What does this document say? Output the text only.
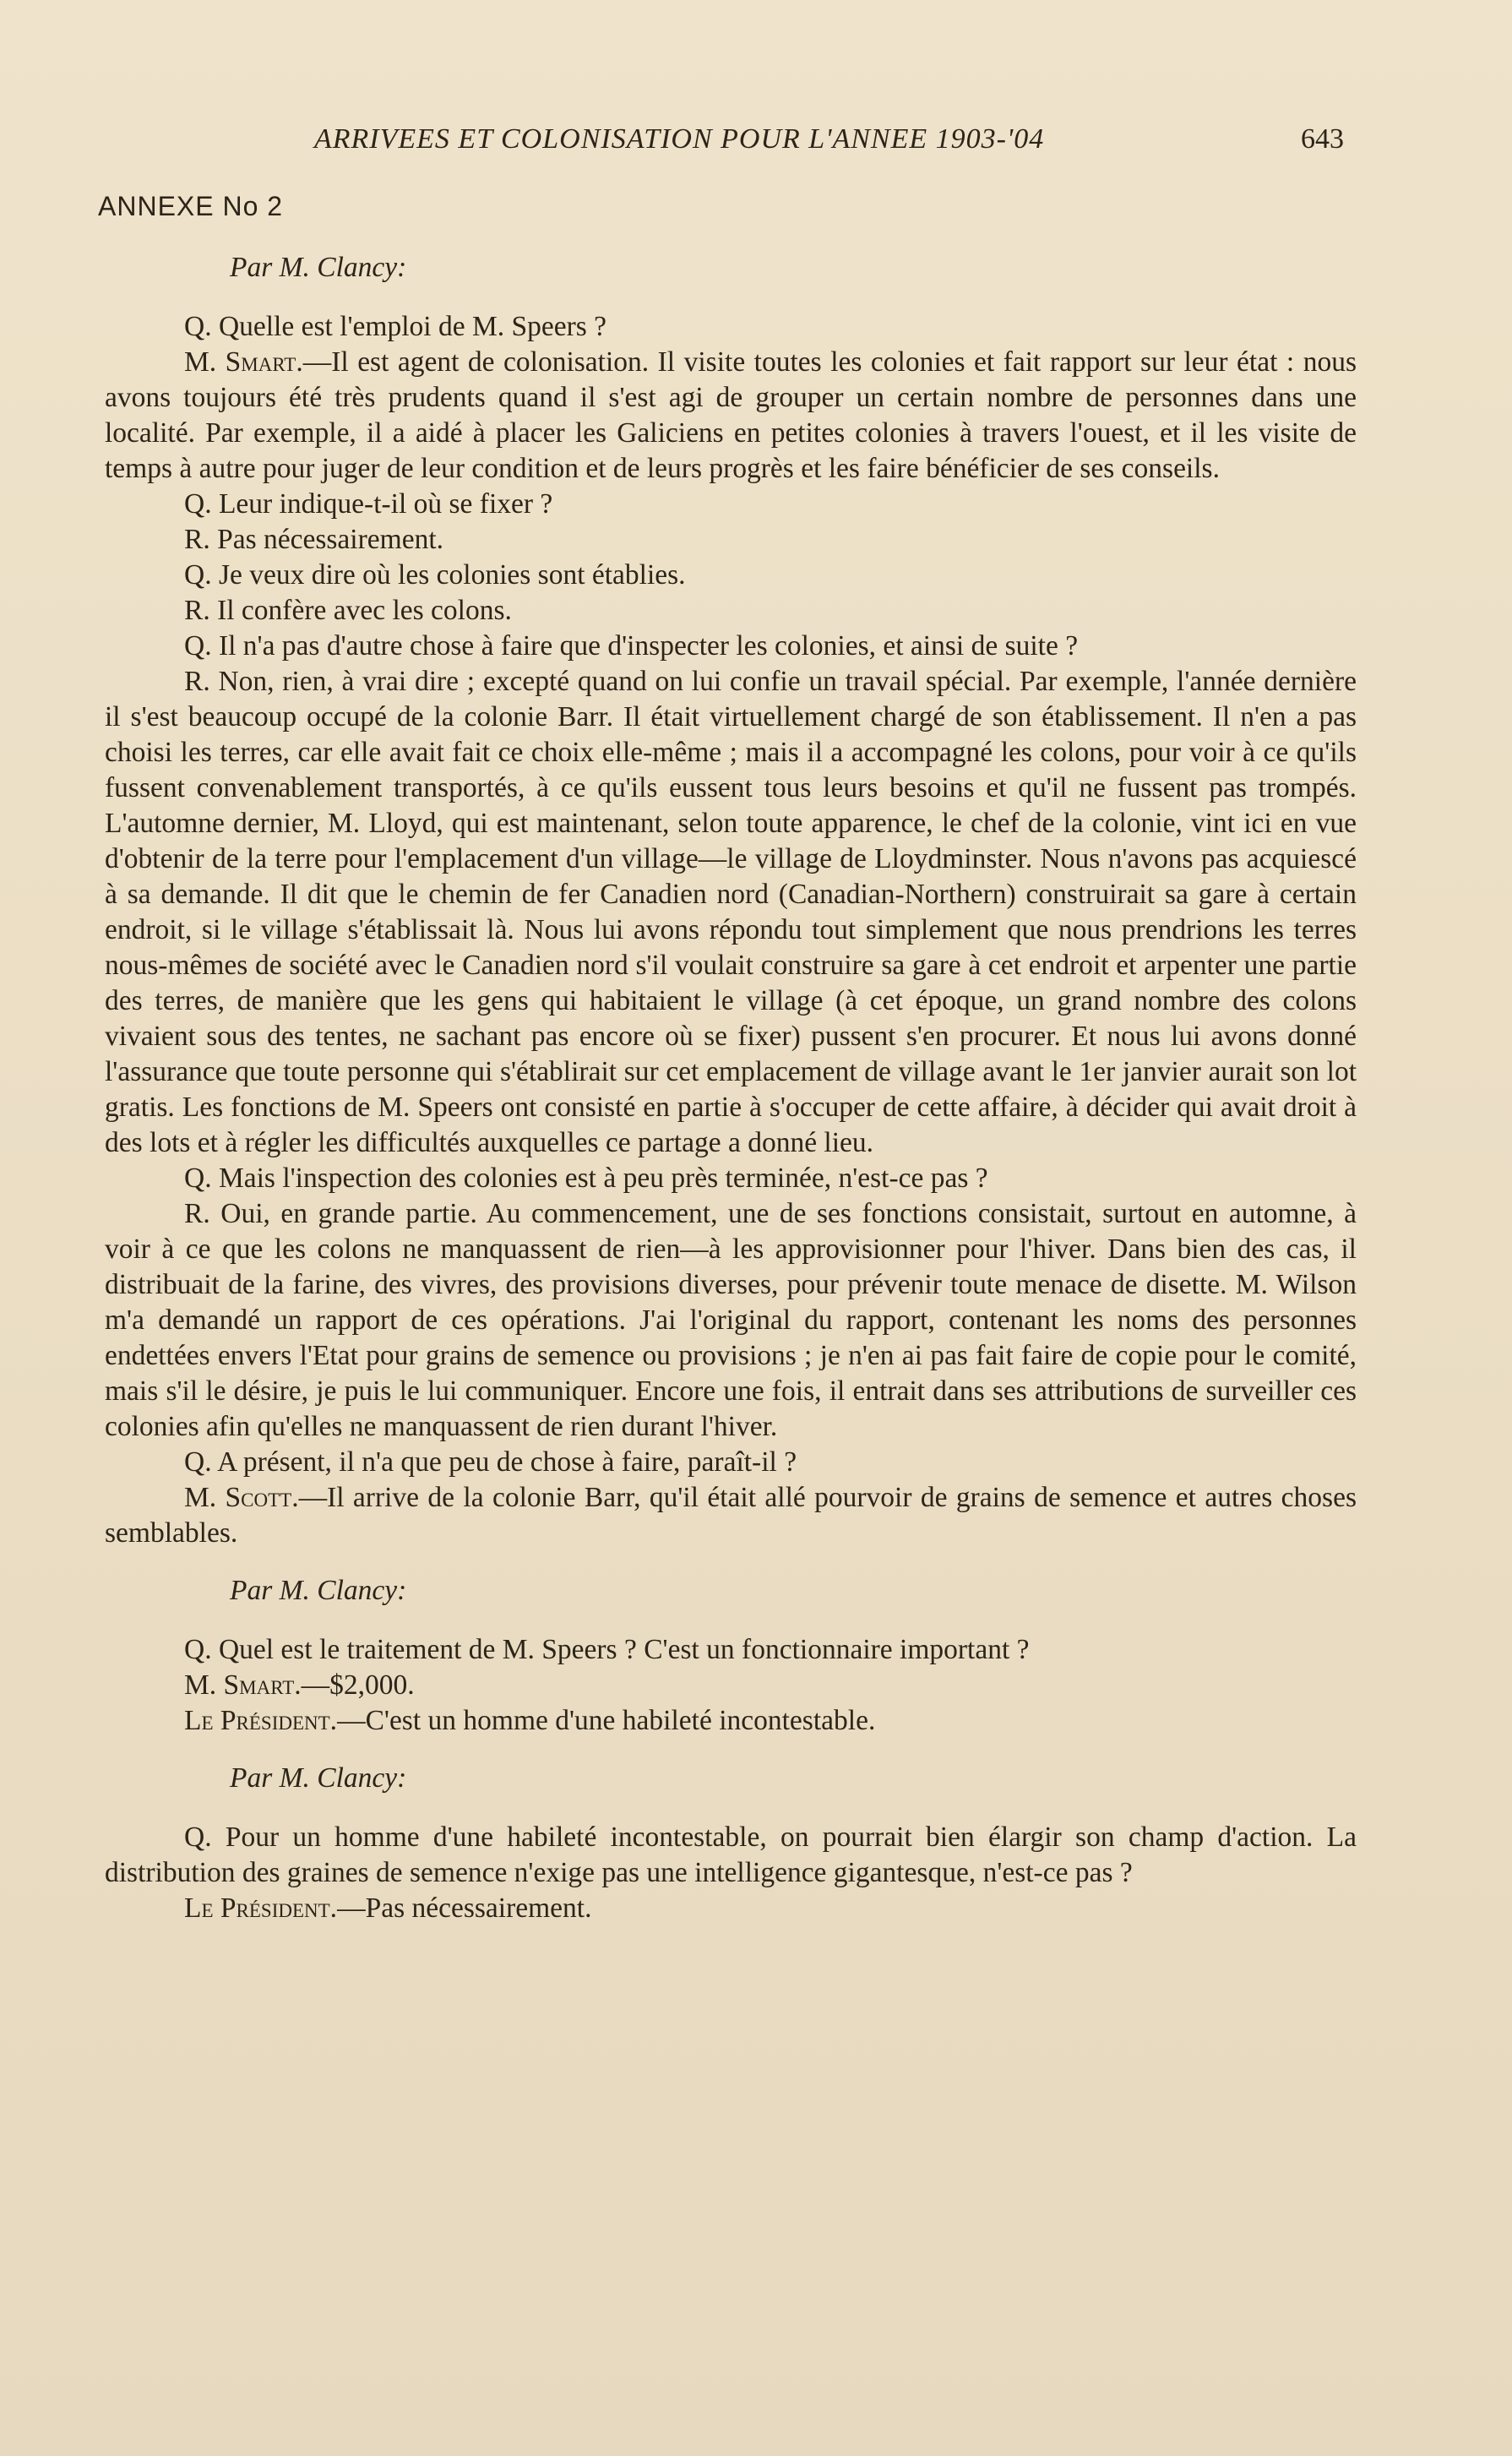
ARRIVEES ET COLONISATION POUR L'ANNEE 1903-'04	643
ANNEXE No 2

Par M. Clancy:

Q. Quelle est l'emploi de M. Speers ?

M. Smart.—Il est agent de colonisation. Il visite toutes les colonies et fait rapport sur leur état : nous avons toujours été très prudents quand il s'est agi de grouper un certain nombre de personnes dans une localité. Par exemple, il a aidé à placer les Galiciens en petites colonies à travers l'ouest, et il les visite de temps à autre pour juger de leur condition et de leurs progrès et les faire bénéficier de ses conseils.

Q. Leur indique-t-il où se fixer ?

R. Pas nécessairement.

Q. Je veux dire où les colonies sont établies.

R. Il confère avec les colons.

Q. Il n'a pas d'autre chose à faire que d'inspecter les colonies, et ainsi de suite ?

R. Non, rien, à vrai dire ; excepté quand on lui confie un travail spécial. Par exemple, l'année dernière il s'est beaucoup occupé de la colonie Barr. Il était virtuellement chargé de son établissement. Il n'en a pas choisi les terres, car elle avait fait ce choix elle-même ; mais il a accompagné les colons, pour voir à ce qu'ils fussent convenablement transportés, à ce qu'ils eussent tous leurs besoins et qu'il ne fussent pas trompés. L'automne dernier, M. Lloyd, qui est maintenant, selon toute apparence, le chef de la colonie, vint ici en vue d'obtenir de la terre pour l'emplacement d'un village—le village de Lloydminster. Nous n'avons pas acquiescé à sa demande. Il dit que le chemin de fer Canadien nord (Canadian-Northern) construirait sa gare à certain endroit, si le village s'établissait là. Nous lui avons répondu tout simplement que nous prendrions les terres nous-mêmes de société avec le Canadien nord s'il voulait construire sa gare à cet endroit et arpenter une partie des terres, de manière que les gens qui habitaient le village (à cet époque, un grand nombre des colons vivaient sous des tentes, ne sachant pas encore où se fixer) pussent s'en procurer. Et nous lui avons donné l'assurance que toute personne qui s'établirait sur cet emplacement de village avant le 1er janvier aurait son lot gratis. Les fonctions de M. Speers ont consisté en partie à s'occuper de cette affaire, à décider qui avait droit à des lots et à régler les difficultés auxquelles ce partage a donné lieu.

Q. Mais l'inspection des colonies est à peu près terminée, n'est-ce pas ?

R. Oui, en grande partie. Au commencement, une de ses fonctions consistait, surtout en automne, à voir à ce que les colons ne manquassent de rien—à les approvisionner pour l'hiver. Dans bien des cas, il distribuait de la farine, des vivres, des provisions diverses, pour prévenir toute menace de disette. M. Wilson m'a demandé un rapport de ces opérations. J'ai l'original du rapport, contenant les noms des personnes endettées envers l'Etat pour grains de semence ou provisions ; je n'en ai pas fait faire de copie pour le comité, mais s'il le désire, je puis le lui communiquer. Encore une fois, il entrait dans ses attributions de surveiller ces colonies afin qu'elles ne manquassent de rien durant l'hiver.

Q. A présent, il n'a que peu de chose à faire, paraît-il ?

M. Scott.—Il arrive de la colonie Barr, qu'il était allé pourvoir de grains de semence et autres choses semblables.

Par M. Clancy:

Q. Quel est le traitement de M. Speers ? C'est un fonctionnaire important ?

M. Smart.—$2,000.

Le Président.—C'est un homme d'une habileté incontestable.

Par M. Clancy:

Q. Pour un homme d'une habileté incontestable, on pourrait bien élargir son champ d'action. La distribution des graines de semence n'exige pas une intelligence gigantesque, n'est-ce pas ?

Le Président.—Pas nécessairement.
